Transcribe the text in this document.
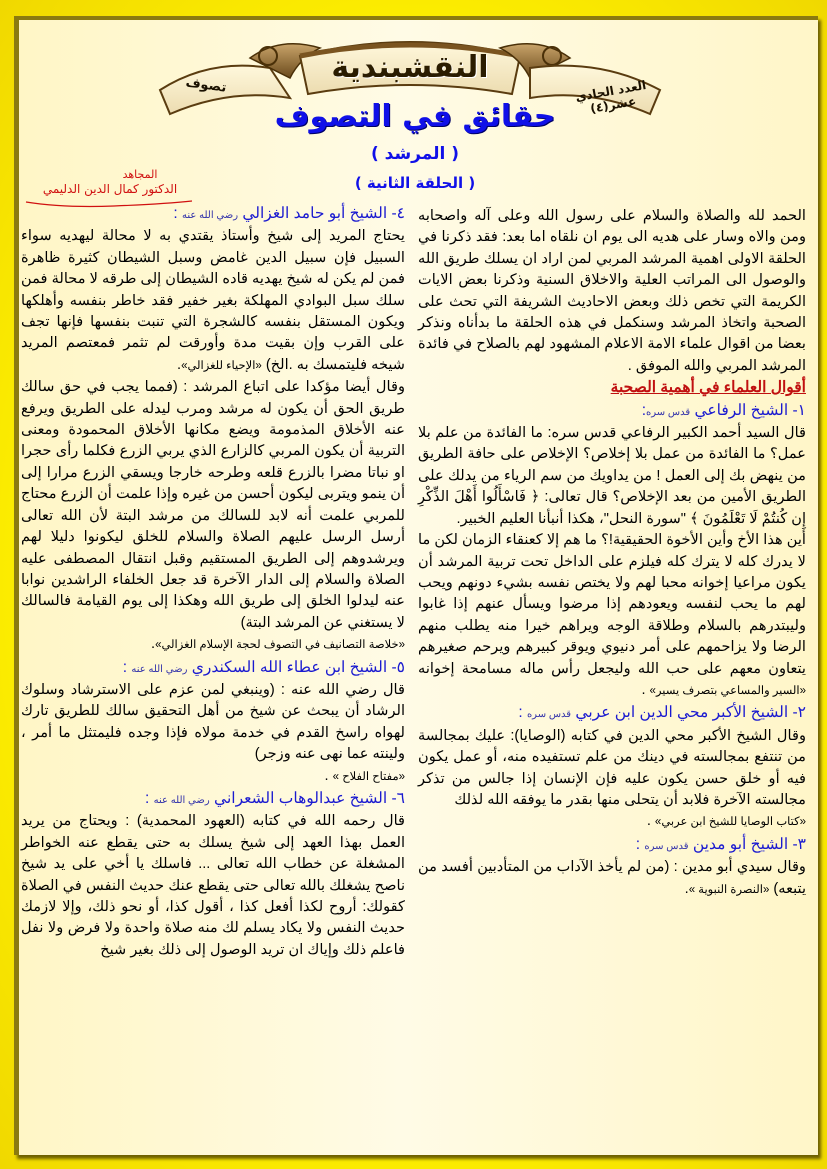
النقشبندية
تصوف	العدد الحادي عشر(٤)
حقائق في التصوف
( المرشد )
( الحلقة الثانية )
المجاهد
الدكتور كمال الدين الدليمي

الحمد لله والصلاة والسلام على رسول الله وعلى آله واصحابه ومن والاه وسار على هديه الى يوم ان نلقاه اما بعد: فقد ذكرنا في الحلقة الاولى اهمية المرشد المربي لمن اراد ان يسلك طريق الله والوصول الى المراتب العلية والاخلاق السنية وذكرنا بعض الايات الكريمة التي تخص ذلك وبعض الاحاديث الشريفة التي تحث على الصحبة واتخاذ المرشد وسنكمل في هذه الحلقة ما بدأناه ونذكر بعضا من اقوال علماء الامة الاعلام المشهود لهم بالصلاح في فائدة المرشد المربي والله الموفق .

أقوال العلماء في أهمية الصحبة

١- الشيخ الرفاعي قدس سره:

قال السيد أحمد الكبير الرفاعي قدس سره: ما الفائدة من علم بلا عمل؟ ما الفائدة من عمل بلا إخلاص؟ الإخلاص على حافة الطريق من ينهض بك إلى العمل ! من يداويك من سم الرياء من يدلك على الطريق الأمين من بعد الإخلاص؟ قال تعالى: ﴿ فَاسْأَلُوا أَهْلَ الذِّكْرِ إِن كُنتُمْ لَا تَعْلَمُونَ ﴾ "سورة النحل"، هكذا أنبأنا العليم الخبير.

أين هذا الأخ وأين الأخوة الحقيقية!؟ ما هم إلا كعنقاء الزمان لكن ما لا يدرك كله لا يترك كله فيلزم على الداخل تحت تربية المرشد أن يكون مراعيا إخوانه محبا لهم ولا يختص نفسه بشيء دونهم ويحب لهم ما يحب لنفسه ويعودهم إذا مرضوا ويسأل عنهم إذا غابوا وليبتدرهم بالسلام وطلاقة الوجه ويراهم خيرا منه يطلب منهم الرضا ولا يزاحمهم على أمر دنيوي ويوقر كبيرهم ويرحم صغيرهم يتعاون معهم على حب الله وليجعل رأس ماله مسامحة إخوانه «السير والمساعي بتصرف يسير» .

٢- الشيخ الأكبر محي الدين ابن عربي قدس سره :

وقال الشيخ الأكبر محي الدين في كتابه (الوصايا): عليك بمجالسة من تنتفع بمجالسته في دينك من علم تستفيده منه، أو عمل يكون فيه أو خلق حسن يكون عليه فإن الإنسان إذا جالس من تذكر مجالسته الآخرة فلابد أن يتحلى منها بقدر ما يوفقه الله لذلك

«كتاب الوصايا للشيخ ابن عربي» .

٣- الشيخ أبو مدين قدس سره :

وقال سيدي أبو مدين : (من لم يأخذ الآداب من المتأدبين أفسد من يتبعه) «النصرة النبوية ».

٤- الشيخ أبو حامد الغزالي رضي الله عنه :

يحتاج المريد إلى شيخ وأستاذ يقتدي به لا محالة ليهديه سواء السبيل فإن سبيل الدين غامض وسبل الشيطان كثيرة ظاهرة فمن لم يكن له شيخ يهديه قاده الشيطان إلى طرقه لا محالة فمن سلك سبل البوادي المهلكة بغير خفير فقد خاطر بنفسه وأهلكها ويكون المستقل بنفسه كالشجرة التي تنبت بنفسها فإنها تجف على القرب وإن بقيت مدة وأورقت لم تثمر فمعتصم المريد شيخه فليتمسك به .الخ) «الإحياء للغزالي».

وقال أيضا مؤكدا على اتباع المرشد : (فمما يجب في حق سالك طريق الحق أن يكون له مرشد ومرب ليدله على الطريق ويرفع عنه الأخلاق المذمومة ويضع مكانها الأخلاق المحمودة ومعنى التربية أن يكون المربي كالزارع الذي يربي الزرع فكلما رأى حجرا او نباتا مضرا بالزرع قلعه وطرحه خارجا ويسقي الزرع مرارا إلى أن ينمو ويتربى ليكون أحسن من غيره وإذا علمت أن الزرع محتاج للمربي علمت أنه لابد للسالك من مرشد البتة لأن الله تعالى أرسل الرسل عليهم الصلاة والسلام للخلق ليكونوا دليلا لهم ويرشدوهم إلى الطريق المستقيم وقبل انتقال المصطفى عليه الصلاة والسلام إلى الدار الآخرة قد جعل الخلفاء الراشدين نوابا عنه ليدلوا الخلق إلى طريق الله وهكذا إلى يوم القيامة فالسالك لا يستغني عن المرشد البتة)

«خلاصة التصانيف في التصوف لحجة الإسلام الغزالي».

٥- الشيخ ابن عطاء الله السكندري رضي الله عنه :

قال رضي الله عنه : (وينبغي لمن عزم على الاسترشاد وسلوك الرشاد أن يبحث عن شيخ من أهل التحقيق سالك للطريق تارك لهواه راسخ القدم في خدمة مولاه فإذا وجده فليمتثل ما أمر ، ولينته عما نهى عنه وزجر)

«مفتاح الفلاح » .

٦- الشيخ عبدالوهاب الشعراني رضي الله عنه :

قال رحمه الله في كتابه (العهود المحمدية) : ويحتاج من يريد العمل بهذا العهد إلى شيخ يسلك به حتى يقطع عنه الخواطر المشغلة عن خطاب الله تعالى ... فاسلك يا أخي على يد شيخ ناصح يشغلك بالله تعالى حتى يقطع عنك حديث النفس في الصلاة كقولك: أروح لكذا أفعل كذا ، أقول كذا، أو نحو ذلك، وإلا لازمك حديث النفس ولا يكاد يسلم لك منه صلاة واحدة ولا فرض ولا نفل فاعلم ذلك وإياك ان تريد الوصول إلى ذلك بغير شيخ
